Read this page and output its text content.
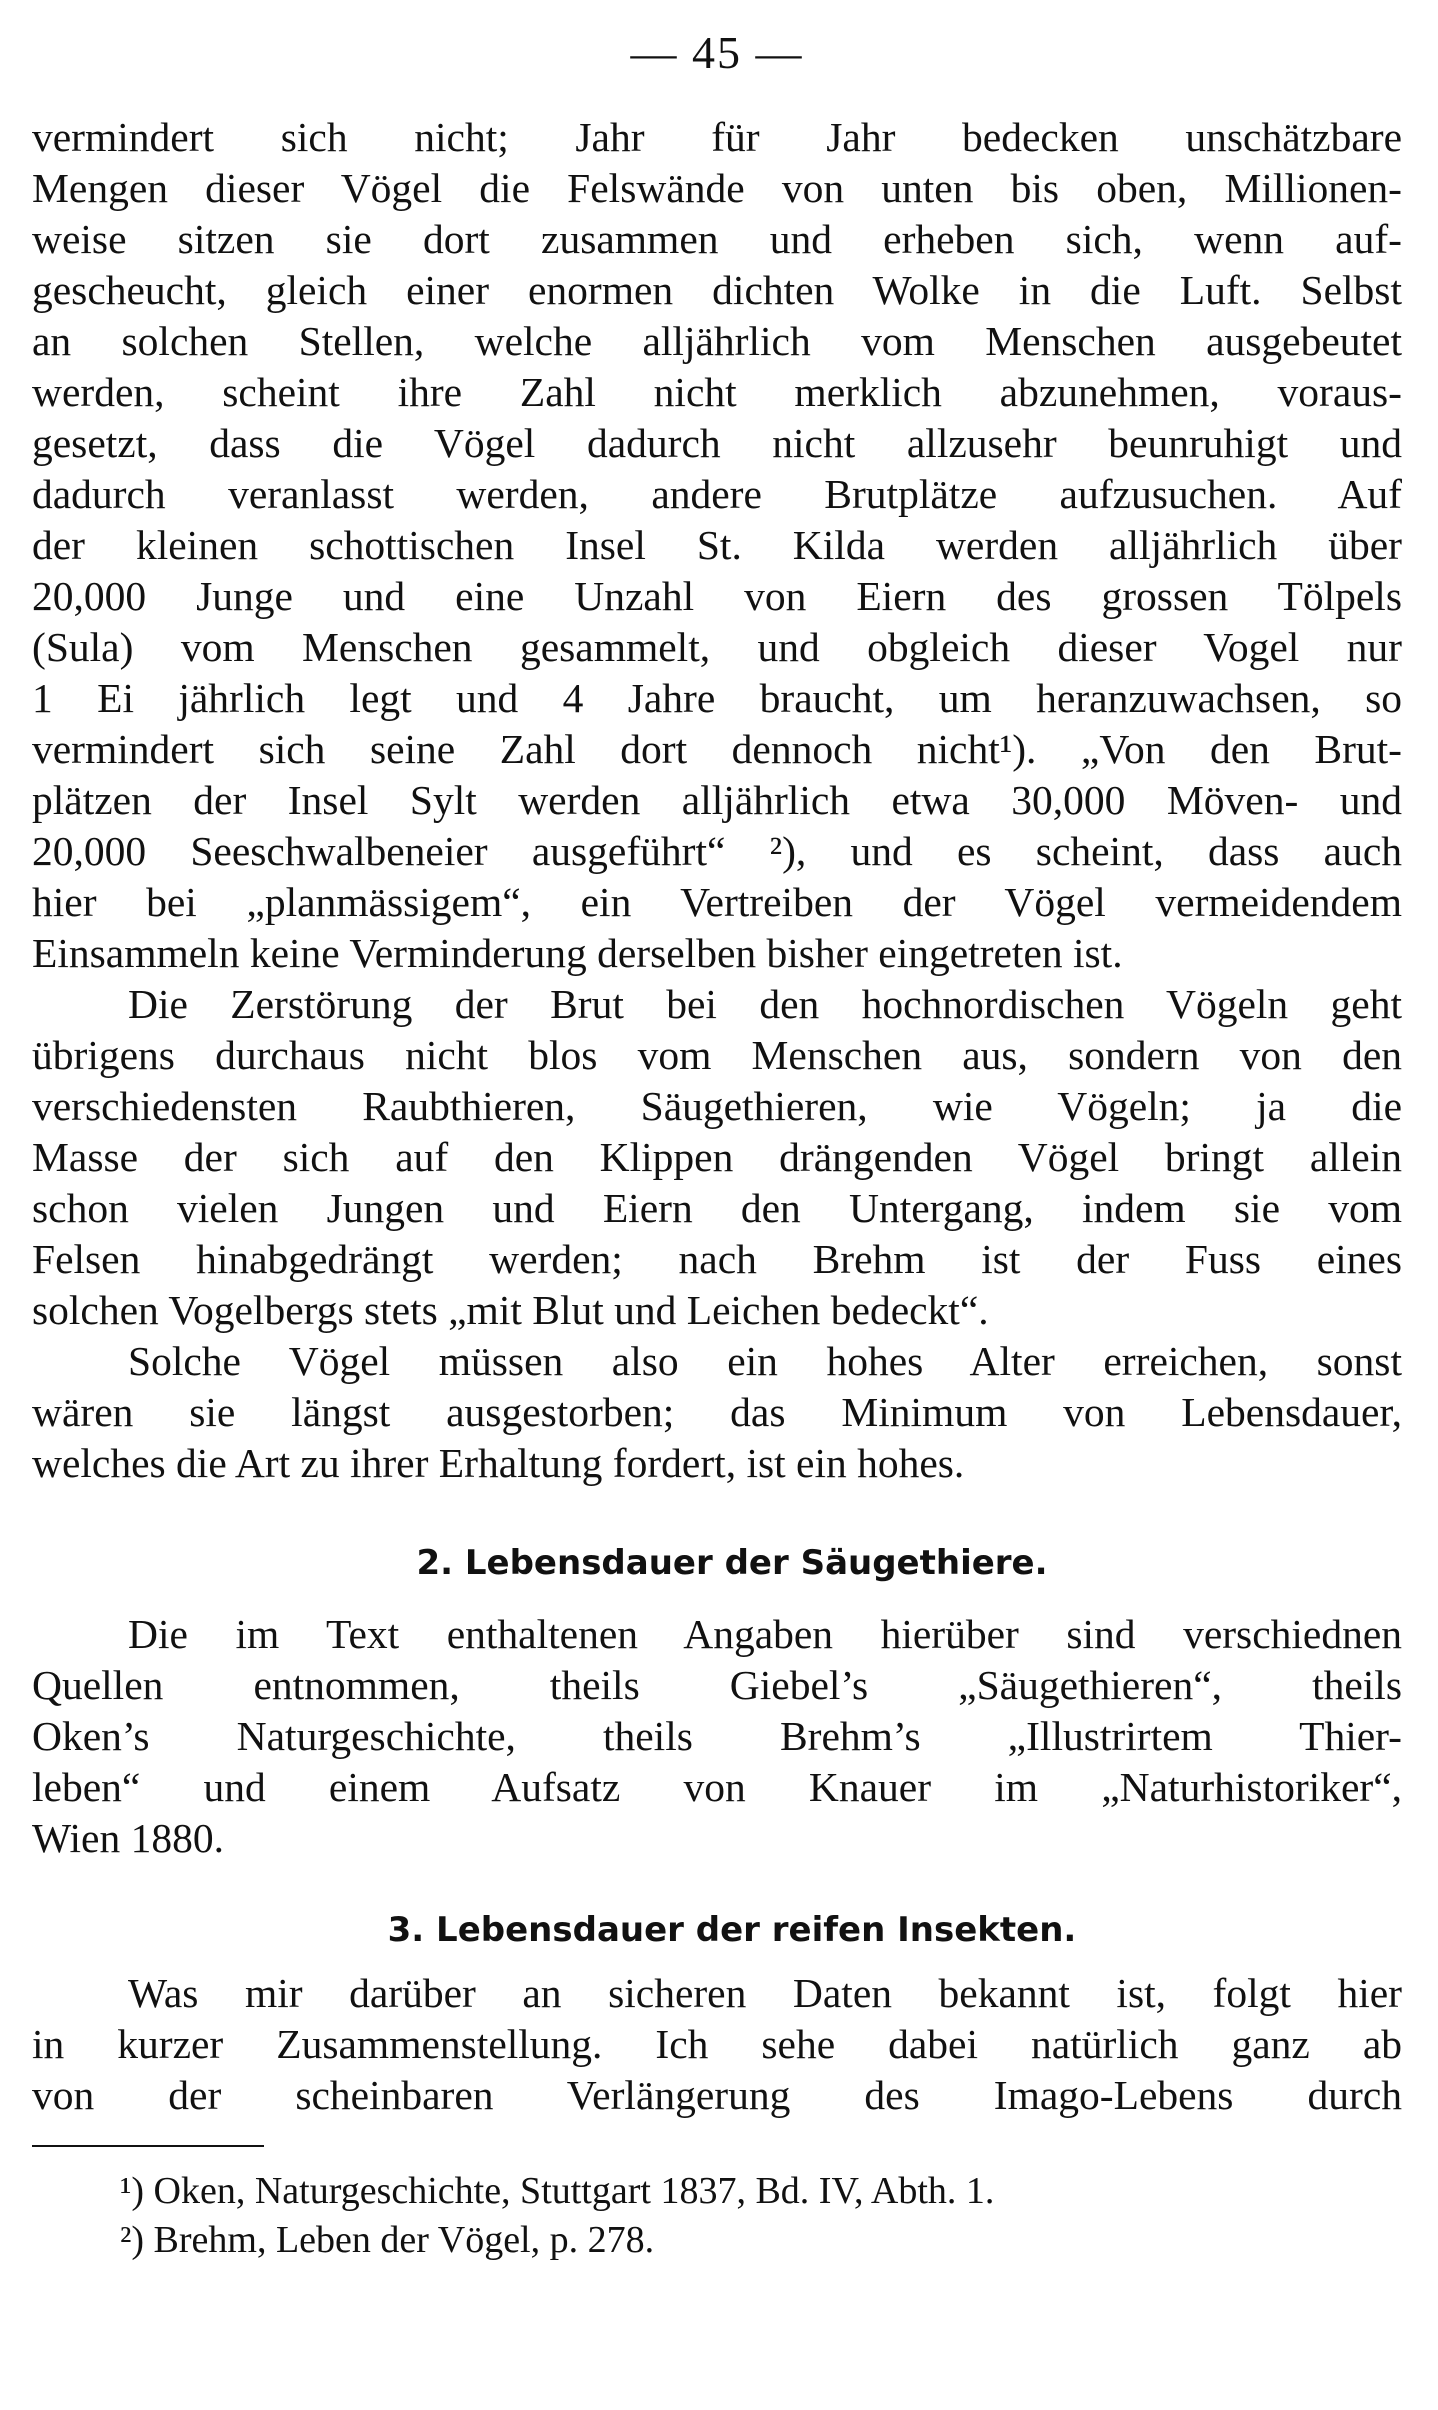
— 45 —
vermindert sich nicht; Jahr für Jahr bedecken unschätzbare
Mengen dieser Vögel die Felswände von unten bis oben, Millionen-
weise sitzen sie dort zusammen und erheben sich, wenn auf-
gescheucht, gleich einer enormen dichten Wolke in die Luft. Selbst
an solchen Stellen, welche alljährlich vom Menschen ausgebeutet
werden, scheint ihre Zahl nicht merklich abzunehmen, voraus-
gesetzt, dass die Vögel dadurch nicht allzusehr beunruhigt und
dadurch veranlasst werden, andere Brutplätze aufzusuchen. Auf
der kleinen schottischen Insel St. Kilda werden alljährlich über
20,000 Junge und eine Unzahl von Eiern des grossen Tölpels
(Sula) vom Menschen gesammelt, und obgleich dieser Vogel nur
1 Ei jährlich legt und 4 Jahre braucht, um heranzuwachsen, so
vermindert sich seine Zahl dort dennoch nicht¹). „Von den Brut-
plätzen der Insel Sylt werden alljährlich etwa 30,000 Möven- und
20,000 Seeschwalbeneier ausgeführt“ ²), und es scheint, dass auch
hier bei „planmässigem“, ein Vertreiben der Vögel vermeidendem
Einsammeln keine Verminderung derselben bisher eingetreten ist.
Die Zerstörung der Brut bei den hochnordischen Vögeln geht
übrigens durchaus nicht blos vom Menschen aus, sondern von den
verschiedensten Raubthieren, Säugethieren, wie Vögeln; ja die
Masse der sich auf den Klippen drängenden Vögel bringt allein
schon vielen Jungen und Eiern den Untergang, indem sie vom
Felsen hinabgedrängt werden; nach Brehm ist der Fuss eines
solchen Vogelbergs stets „mit Blut und Leichen bedeckt“.
Solche Vögel müssen also ein hohes Alter erreichen, sonst
wären sie längst ausgestorben; das Minimum von Lebensdauer,
welches die Art zu ihrer Erhaltung fordert, ist ein hohes.
2. Lebensdauer der Säugethiere.
Die im Text enthaltenen Angaben hierüber sind verschiednen
Quellen entnommen, theils Giebel’s „Säugethieren“, theils
Oken’s Naturgeschichte, theils Brehm’s „Illustrirtem Thier-
leben“ und einem Aufsatz von Knauer im „Naturhistoriker“,
Wien 1880.
3. Lebensdauer der reifen Insekten.
Was mir darüber an sicheren Daten bekannt ist, folgt hier
in kurzer Zusammenstellung. Ich sehe dabei natürlich ganz ab
von der scheinbaren Verlängerung des Imago-Lebens durch
¹) Oken, Naturgeschichte, Stuttgart 1837, Bd. IV, Abth. 1.
²) Brehm, Leben der Vögel, p. 278.
